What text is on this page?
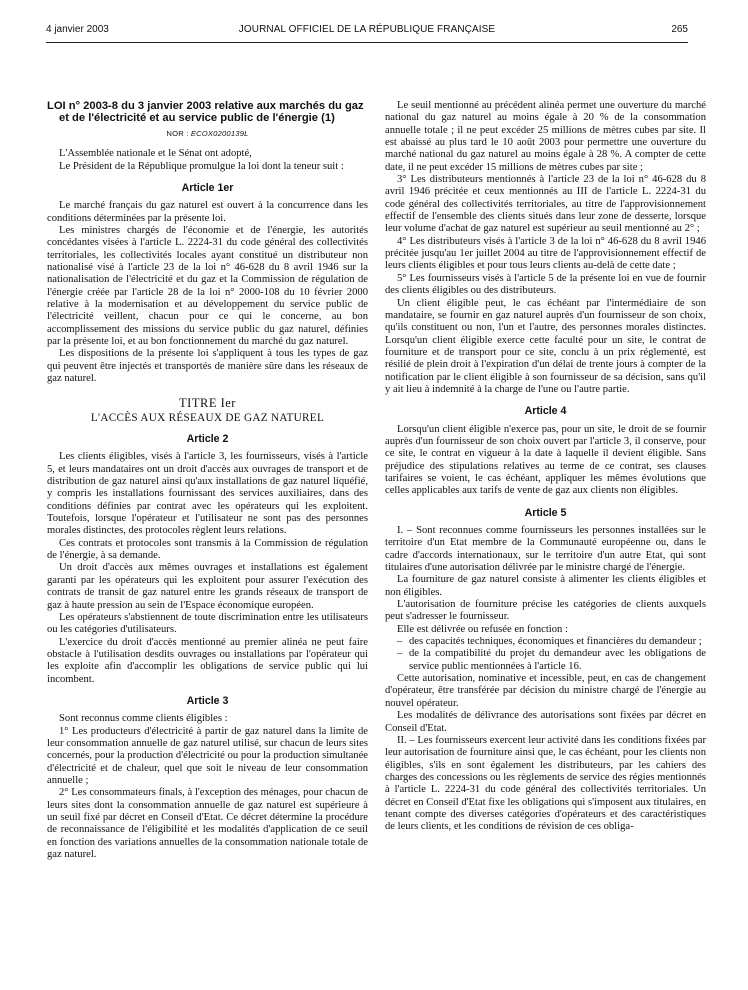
4 janvier 2003	JOURNAL OFFICIEL DE LA RÉPUBLIQUE FRANÇAISE	265
LOI n° 2003-8 du 3 janvier 2003 relative aux marchés du gaz et de l'électricité et au service public de l'énergie (1)
NOR : ECOX0200139L

L'Assemblée nationale et le Sénat ont adopté,

Le Président de la République promulgue la loi dont la teneur suit :

Article 1er

Le marché français du gaz naturel est ouvert à la concurrence dans les conditions déterminées par la présente loi.

Les ministres chargés de l'économie et de l'énergie, les autorités concédantes visées à l'article L. 2224-31 du code général des collectivités territoriales, les collectivités locales ayant constitué un distributeur non nationalisé visé à l'article 23 de la loi n° 46-628 du 8 avril 1946 sur la nationalisation de l'électricité et du gaz et la Commission de régulation de l'énergie créée par l'article 28 de la loi n° 2000-108 du 10 février 2000 relative à la modernisation et au développement du service public de l'électricité veillent, chacun pour ce qui le concerne, au bon accomplissement des missions du service public du gaz naturel, définies par la présente loi, et au bon fonctionnement du marché du gaz naturel.

Les dispositions de la présente loi s'appliquent à tous les types de gaz qui peuvent être injectés et transportés de manière sûre dans les réseaux de gaz naturel.

TITRE Ier
L'ACCÈS AUX RÉSEAUX DE GAZ NATUREL
Article 2

Les clients éligibles, visés à l'article 3, les fournisseurs, visés à l'article 5, et leurs mandataires ont un droit d'accès aux ouvrages de transport et de distribution de gaz naturel ainsi qu'aux installations de gaz naturel liquéfié, y compris les installations fournissant des services auxiliaires, dans des conditions définies par contrat avec les opérateurs qui les exploitent. Toutefois, lorsque l'opérateur et l'utilisateur ne sont pas des personnes morales distinctes, des protocoles règlent leurs relations.

Ces contrats et protocoles sont transmis à la Commission de régulation de l'énergie, à sa demande.

Un droit d'accès aux mêmes ouvrages et installations est également garanti par les opérateurs qui les exploitent pour assurer l'exécution des contrats de transit de gaz naturel entre les grands réseaux de transport de gaz à haute pression au sein de l'Espace économique européen.

Les opérateurs s'abstiennent de toute discrimination entre les utilisateurs ou les catégories d'utilisateurs.

L'exercice du droit d'accès mentionné au premier alinéa ne peut faire obstacle à l'utilisation desdits ouvrages ou installations par l'opérateur qui les exploite afin d'accomplir les obligations de service public qui lui incombent.

Article 3

Sont reconnus comme clients éligibles :

1° Les producteurs d'électricité à partir de gaz naturel dans la limite de leur consommation annuelle de gaz naturel utilisé, sur chacun de leurs sites concernés, pour la production d'électricité ou pour la production simultanée d'électricité et de chaleur, quel que soit le niveau de leur consommation annuelle ;

2° Les consommateurs finals, à l'exception des ménages, pour chacun de leurs sites dont la consommation annuelle de gaz naturel est supérieure à un seuil fixé par décret en Conseil d'Etat. Ce décret détermine la procédure de reconnaissance de l'éligibilité et les modalités d'application de ce seuil en fonction des variations annuelles de la consommation nationale totale de gaz naturel.

Le seuil mentionné au précédent alinéa permet une ouverture du marché national du gaz naturel au moins égale à 20 % de la consommation annuelle totale ; il ne peut excéder 25 millions de mètres cubes par site. Il est abaissé au plus tard le 10 août 2003 pour permettre une ouverture du marché national du gaz naturel au moins égale à 28 %. A compter de cette date, il ne peut excéder 15 millions de mètres cubes par site ;

3° Les distributeurs mentionnés à l'article 23 de la loi n° 46-628 du 8 avril 1946 précitée et ceux mentionnés au III de l'article L. 2224-31 du code général des collectivités territoriales, au titre de l'approvisionnement effectif de l'ensemble des clients situés dans leur zone de desserte, lorsque leur volume d'achat de gaz naturel est supérieur au seuil mentionné au 2° ;

4° Les distributeurs visés à l'article 3 de la loi n° 46-628 du 8 avril 1946 précitée jusqu'au 1er juillet 2004 au titre de l'approvisionnement effectif de leurs clients éligibles et pour tous leurs clients au-delà de cette date ;

5° Les fournisseurs visés à l'article 5 de la présente loi en vue de fournir des clients éligibles ou des distributeurs.

Un client éligible peut, le cas échéant par l'intermédiaire de son mandataire, se fournir en gaz naturel auprès d'un fournisseur de son choix, qu'ils constituent ou non, l'un et l'autre, des personnes morales distinctes. Lorsqu'un client éligible exerce cette faculté pour un site, le contrat de fourniture et de transport pour ce site, conclu à un prix réglementé, est résilié de plein droit à l'expiration d'un délai de trente jours à compter de la notification par le client éligible à son fournisseur de sa décision, sans qu'il y ait lieu à indemnité à la charge de l'une ou l'autre partie.

Article 4

Lorsqu'un client éligible n'exerce pas, pour un site, le droit de se fournir auprès d'un fournisseur de son choix ouvert par l'article 3, il conserve, pour ce site, le contrat en vigueur à la date à laquelle il devient éligible. Sans préjudice des stipulations relatives au terme de ce contrat, ses clauses tarifaires se voient, le cas échéant, appliquer les mêmes évolutions que celles applicables aux tarifs de vente de gaz aux clients non éligibles.

Article 5

I. – Sont reconnues comme fournisseurs les personnes installées sur le territoire d'un Etat membre de la Communauté européenne ou, dans le cadre d'accords internationaux, sur le territoire d'un autre Etat, qui sont titulaires d'une autorisation délivrée par le ministre chargé de l'énergie.

La fourniture de gaz naturel consiste à alimenter les clients éligibles et non éligibles.

L'autorisation de fourniture précise les catégories de clients auxquels peut s'adresser le fournisseur.

Elle est délivrée ou refusée en fonction :

– des capacités techniques, économiques et financières du demandeur ;

– de la compatibilité du projet du demandeur avec les obligations de service public mentionnées à l'article 16.

Cette autorisation, nominative et incessible, peut, en cas de changement d'opérateur, être transférée par décision du ministre chargé de l'énergie au nouvel opérateur.

Les modalités de délivrance des autorisations sont fixées par décret en Conseil d'Etat.

II. – Les fournisseurs exercent leur activité dans les conditions fixées par leur autorisation de fourniture ainsi que, le cas échéant, pour les clients non éligibles, s'ils en sont également les distributeurs, par les cahiers des charges des concessions ou les règlements de service des régies mentionnés à l'article L. 2224-31 du code général des collectivités territoriales. Un décret en Conseil d'Etat fixe les obligations qui s'imposent aux titulaires, en tenant compte des diverses catégories d'opérateurs et des caractéristiques de leurs clients, et les conditions de révision de ces obliga-
